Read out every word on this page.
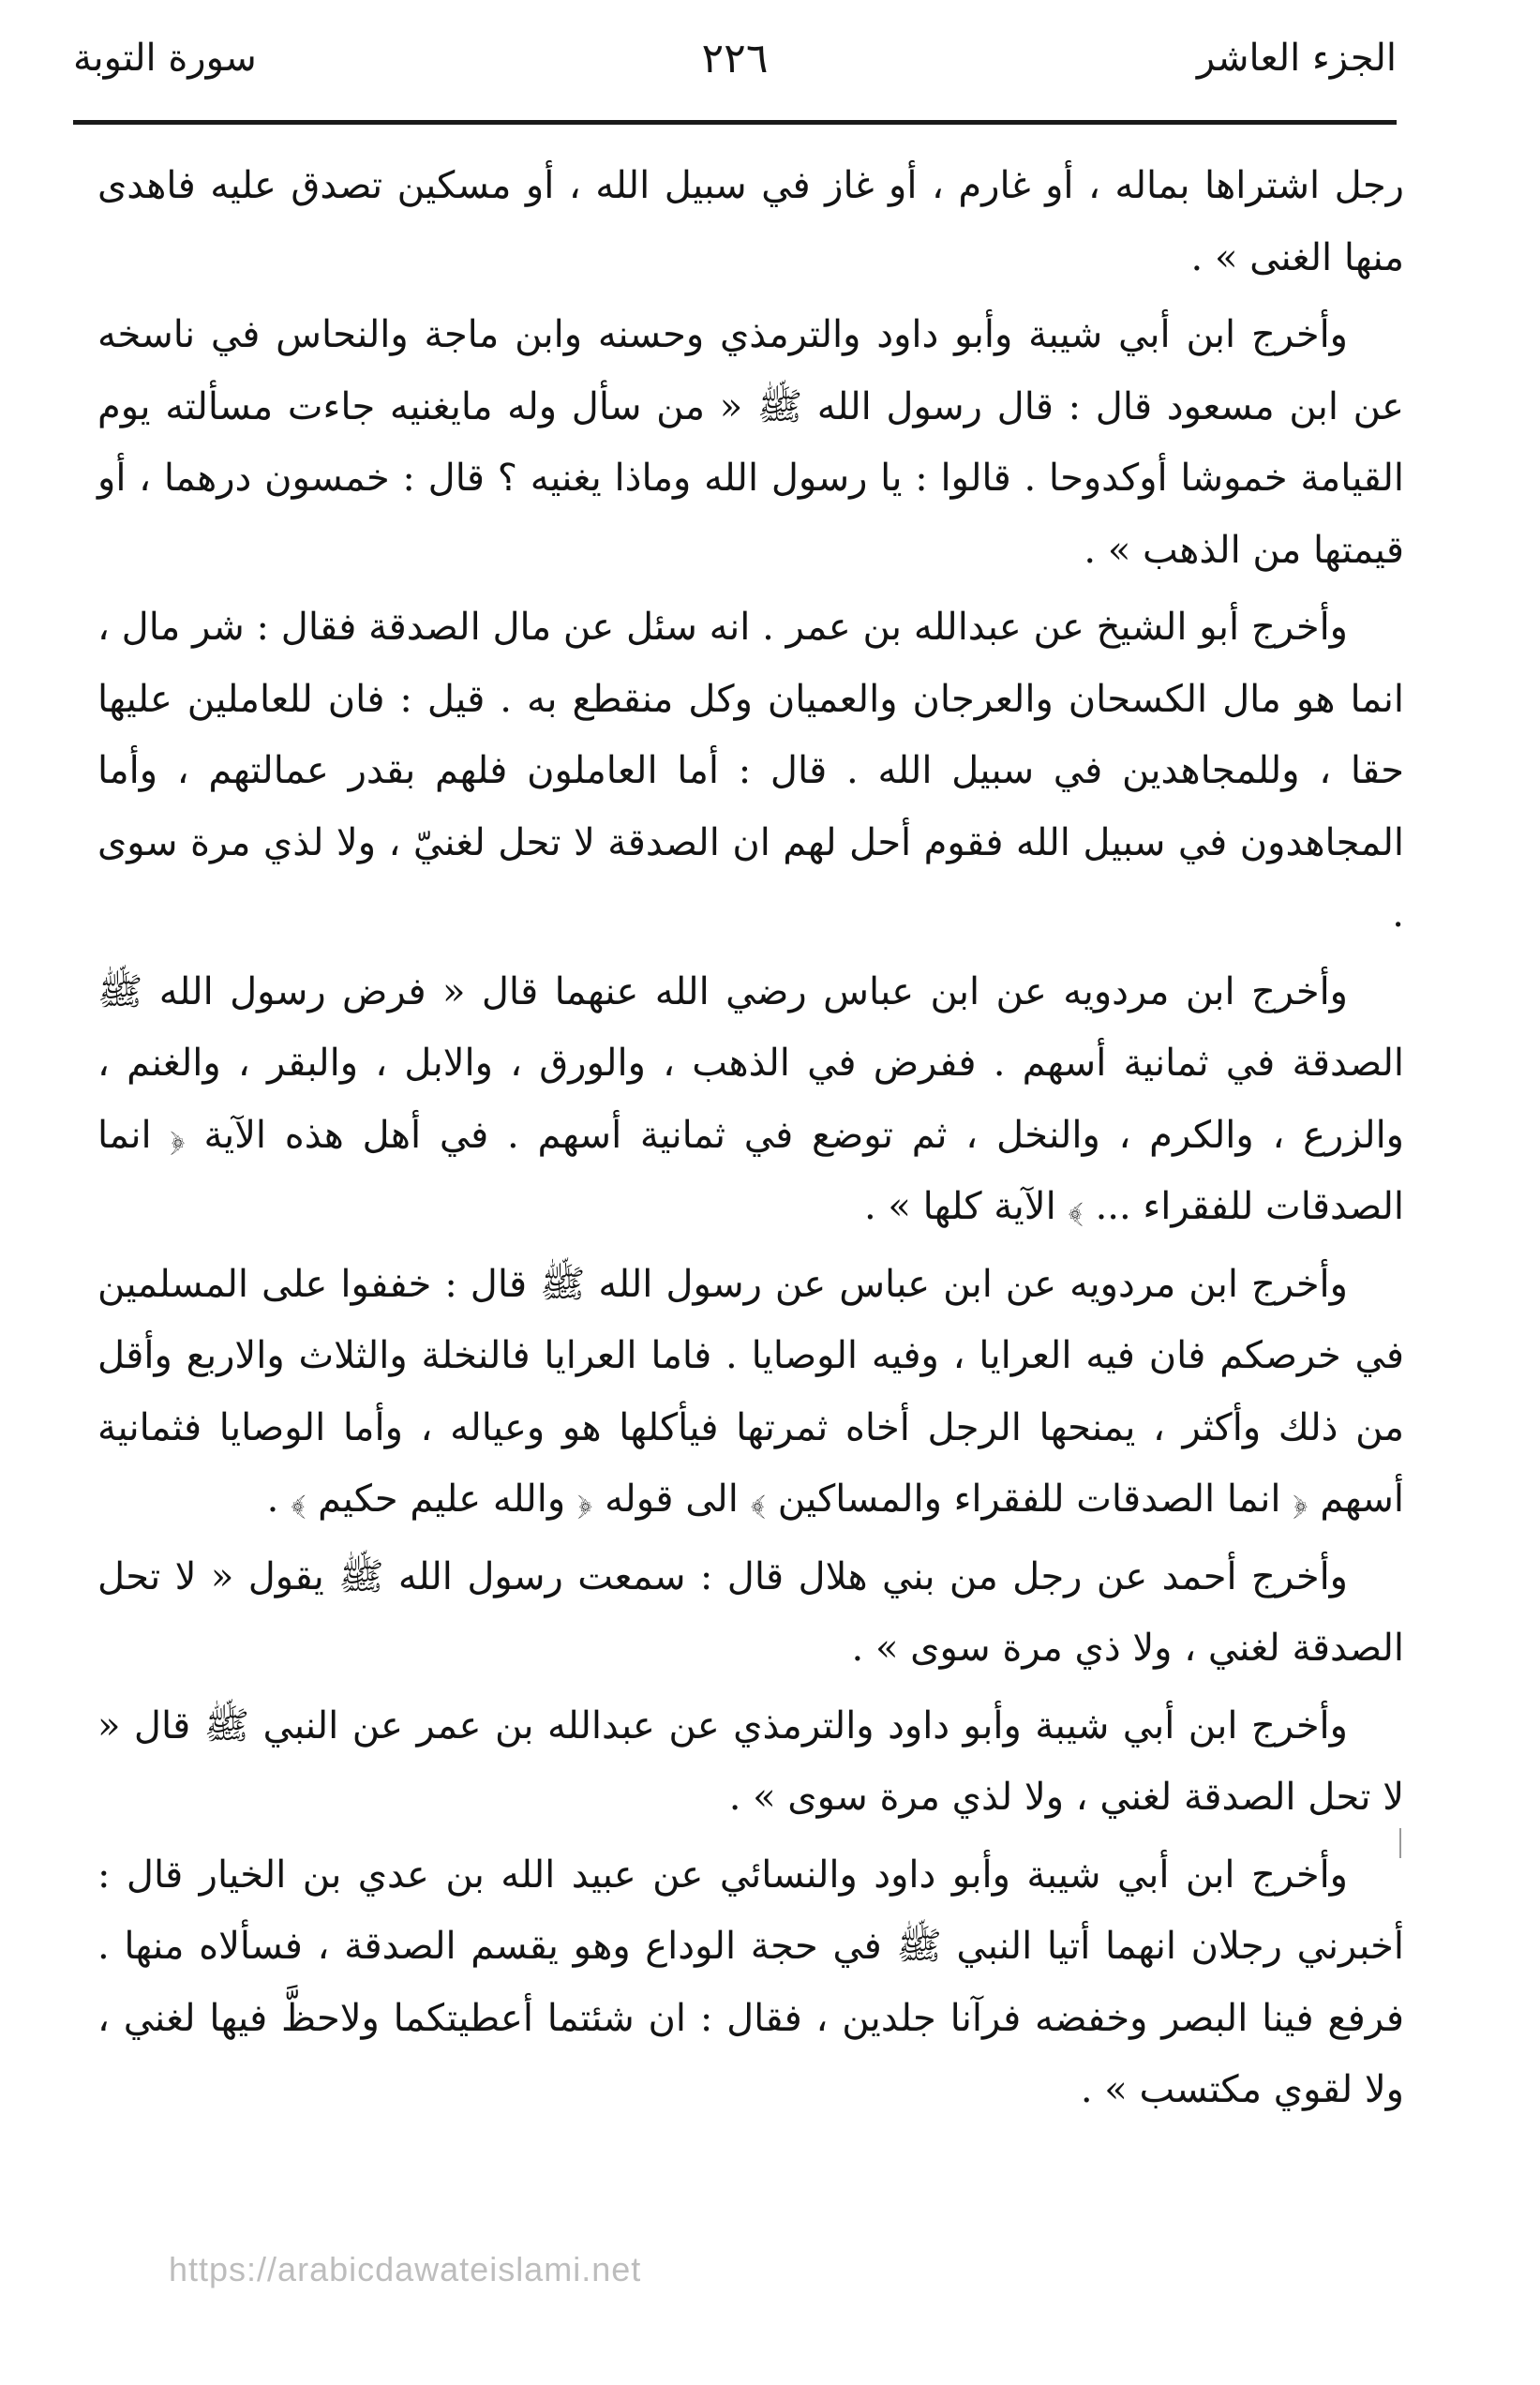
الجزء العاشر
٢٢٦
سورة التوبة

رجل اشتراها بماله ، أو غارم ، أو غاز في سبيل الله ، أو مسكين تصدق عليه فاهدى منها الغنى » .

وأخرج ابن أبي شيبة وأبو داود والترمذي وحسنه وابن ماجة والنحاس في ناسخه عن ابن مسعود قال : قال رسول الله ﷺ « من سأل وله مايغنيه جاءت مسألته يوم القيامة خموشا أوكدوحا . قالوا : يا رسول الله وماذا يغنيه ؟ قال : خمسون درهما ، أو قيمتها من الذهب » .

وأخرج أبو الشيخ عن عبدالله بن عمر . انه سئل عن مال الصدقة فقال : شر مال ، انما هو مال الكسحان والعرجان والعميان وكل منقطع به . قيل : فان للعاملين عليها حقا ، وللمجاهدين في سبيل الله . قال : أما العاملون فلهم بقدر عمالتهم ، وأما المجاهدون في سبيل الله فقوم أحل لهم ان الصدقة لا تحل لغنيّ ، ولا لذي مرة سوى .

وأخرج ابن مردويه عن ابن عباس رضي الله عنهما قال « فرض رسول الله ﷺ الصدقة في ثمانية أسهم . ففرض في الذهب ، والورق ، والابل ، والبقر ، والغنم ، والزرع ، والكرم ، والنخل ، ثم توضع في ثمانية أسهم . في أهل هذه الآية ﴿ انما الصدقات للفقراء ... ﴾ الآية كلها » .

وأخرج ابن مردويه عن ابن عباس عن رسول الله ﷺ قال : خففوا على المسلمين في خرصكم فان فيه العرايا ، وفيه الوصايا . فاما العرايا فالنخلة والثلاث والاربع وأقل من ذلك وأكثر ، يمنحها الرجل أخاه ثمرتها فيأكلها هو وعياله ، وأما الوصايا فثمانية أسهم ﴿ انما الصدقات للفقراء والمساكين ﴾ الى قوله ﴿ والله عليم حكيم ﴾ .

وأخرج أحمد عن رجل من بني هلال قال : سمعت رسول الله ﷺ يقول « لا تحل الصدقة لغني ، ولا ذي مرة سوى » .

وأخرج ابن أبي شيبة وأبو داود والترمذي عن عبدالله بن عمر عن النبي ﷺ قال « لا تحل الصدقة لغني ، ولا لذي مرة سوى » .

وأخرج ابن أبي شيبة وأبو داود والنسائي عن عبيد الله بن عدي بن الخيار قال : أخبرني رجلان انهما أتيا النبي ﷺ في حجة الوداع وهو يقسم الصدقة ، فسألاه منها . فرفع فينا البصر وخفضه فرآنا جلدين ، فقال : ان شئتما أعطيتكما ولاحظَّ فيها لغني ، ولا لقوي مكتسب » .

https://arabicdawateislami.net
